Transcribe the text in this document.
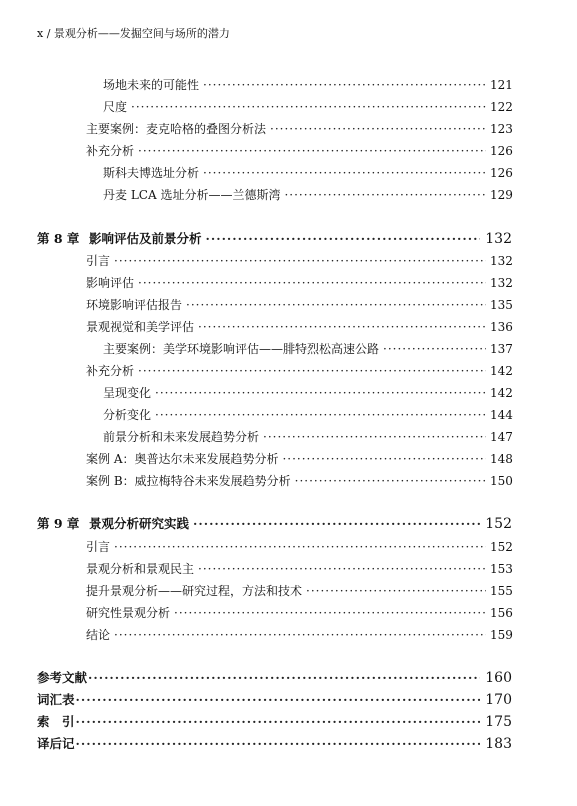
x / 景观分析——发掘空间与场所的潜力
场地未来的可能性 ·····	121
尺度 ·····	122
主要案例：麦克哈格的叠图分析法 ·····	123
补充分析 ·····	126
斯科夫博选址分析 ·····	126
丹麦 LCA 选址分析——兰德斯湾 ·····	129
第 8 章 影响评估及前景分析 ·····	132
引言 ·····	132
影响评估 ·····	132
环境影响评估报告 ·····	135
景观视觉和美学评估 ·····	136
主要案例：美学环境影响评估——腓特烈松高速公路 ·····	137
补充分析 ·····	142
呈现变化 ·····	142
分析变化 ·····	144
前景分析和未来发展趋势分析 ·····	147
案例 A：奥普达尔未来发展趋势分析 ·····	148
案例 B：威拉梅特谷未来发展趋势分析 ·····	150
第 9 章 景观分析研究实践 ·····	152
引言 ·····	152
景观分析和景观民主 ·····	153
提升景观分析——研究过程，方法和技术 ·····	155
研究性景观分析 ·····	156
结论 ·····	159
参考文献 ·····	160
词汇表 ·····	170
索　引 ·····	175
译后记 ·····	183
